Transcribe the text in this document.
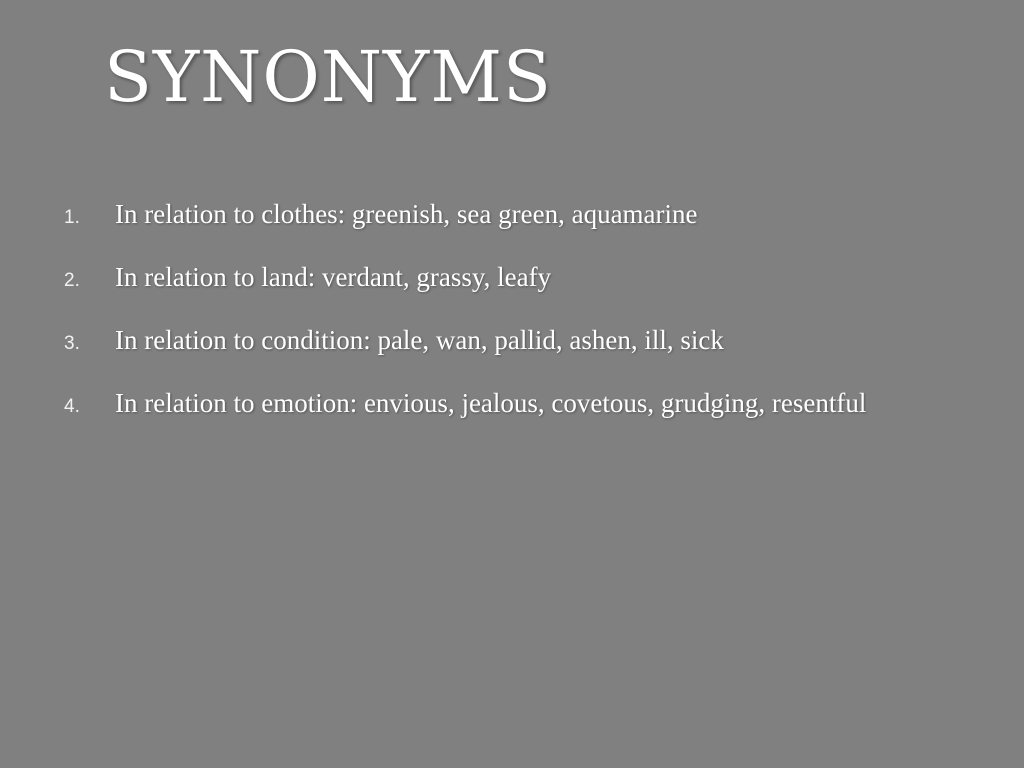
SYNONYMS
1.	In relation to clothes: greenish, sea green, aquamarine
2.	In relation to land: verdant, grassy, leafy
3.	In relation to condition: pale, wan, pallid, ashen, ill, sick
4.	In relation to emotion: envious, jealous, covetous, grudging, resentful
